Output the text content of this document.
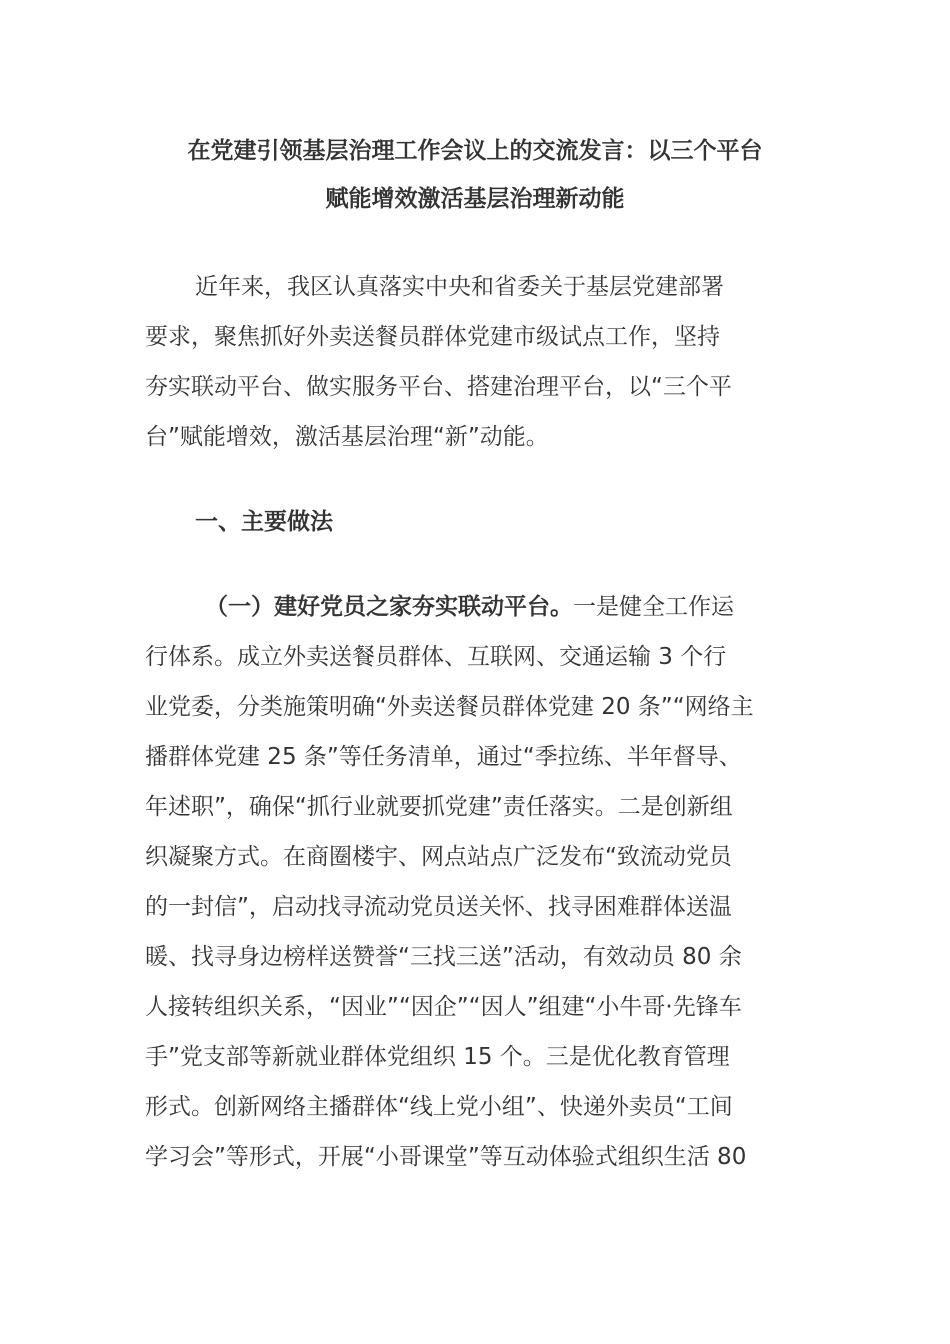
在党建引领基层治理工作会议上的交流发言：以三个平台
赋能增效激活基层治理新动能
近年来，我区认真落实中央和省委关于基层党建部署
要求，聚焦抓好外卖送餐员群体党建市级试点工作，坚持
夯实联动平台、做实服务平台、搭建治理平台，以“三个平
台”赋能增效，激活基层治理“新”动能。
一、主要做法
（一）建好党员之家夯实联动平台。一是健全工作运
行体系。成立外卖送餐员群体、互联网、交通运输 3 个行
业党委，分类施策明确“外卖送餐员群体党建 20 条”“网络主
播群体党建 25 条”等任务清单，通过“季拉练、半年督导、
年述职”，确保“抓行业就要抓党建”责任落实。二是创新组
织凝聚方式。在商圈楼宇、网点站点广泛发布“致流动党员
的一封信”，启动找寻流动党员送关怀、找寻困难群体送温
暖、找寻身边榜样送赞誉“三找三送”活动，有效动员 80 余
人接转组织关系，“因业”“因企”“因人”组建“小牛哥·先锋车
手”党支部等新就业群体党组织 15 个。三是优化教育管理
形式。创新网络主播群体“线上党小组”、快递外卖员“工间
学习会”等形式，开展“小哥课堂”等互动体验式组织生活 80
